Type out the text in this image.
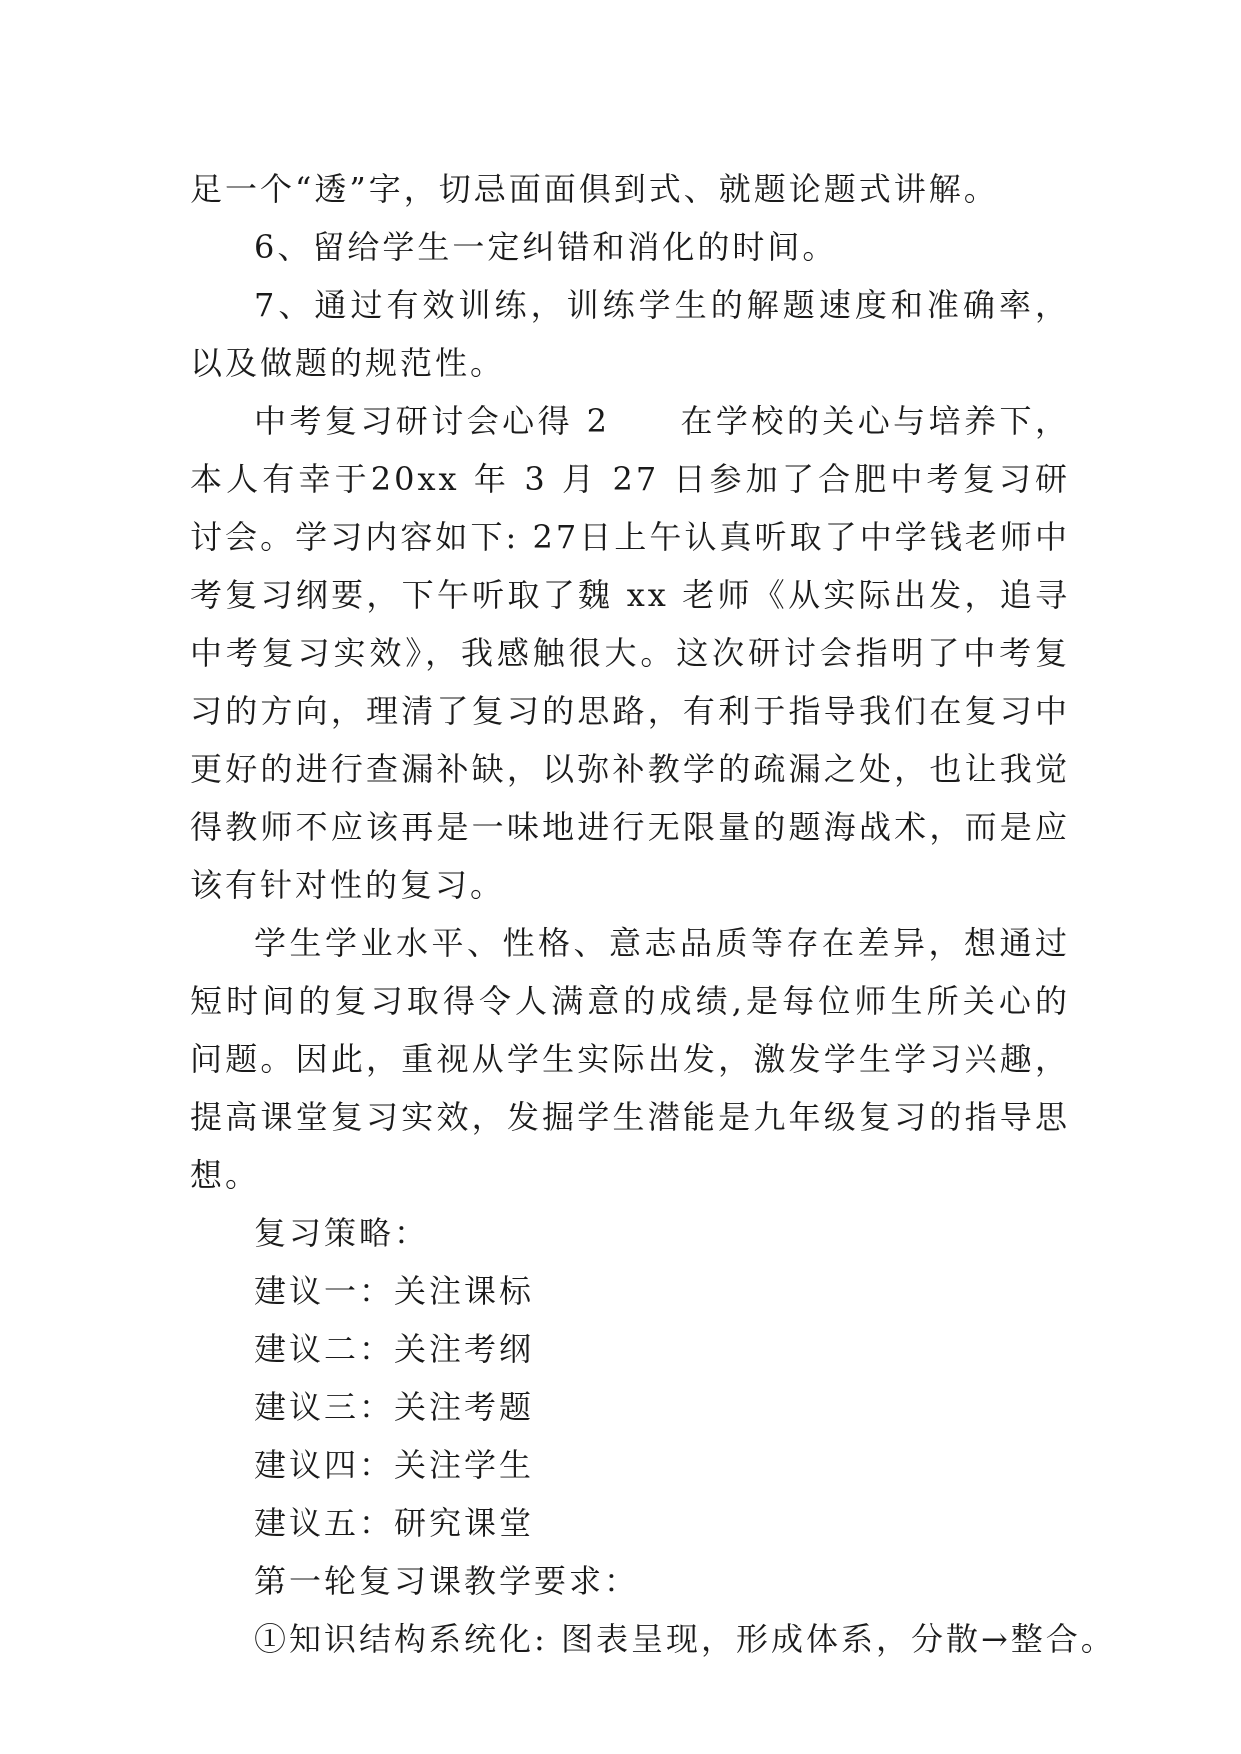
足一个“透”字，切忌面面俱到式、就题论题式讲解。

6、留给学生一定纠错和消化的时间。

7、通过有效训练，训练学生的解题速度和准确率，以及做题的规范性。

中考复习研讨会心得 2 在学校的关心与培养下，本人有幸于20xx 年 3 月 27 日参加了合肥中考复习研讨会。学习内容如下: 27日上午认真听取了中学钱老师中考复习纲要，下午听取了魏 xx 老师《从实际出发，追寻中考复习实效》，我感触很大。这次研讨会指明了中考复习的方向，理清了复习的思路，有利于指导我们在复习中更好的进行查漏补缺，以弥补教学的疏漏之处，也让我觉得教师不应该再是一味地进行无限量的题海战术，而是应该有针对性的复习。

学生学业水平、性格、意志品质等存在差异，想通过短时间的复习取得令人满意的成绩,是每位师生所关心的问题。因此，重视从学生实际出发，激发学生学习兴趣，提高课堂复习实效，发掘学生潜能是九年级复习的指导思想。

复习策略：

建议一：关注课标

建议二：关注考纲

建议三：关注考题

建议四：关注学生

建议五：研究课堂

第一轮复习课教学要求：

①知识结构系统化: 图表呈现，形成体系，分散→整合。
